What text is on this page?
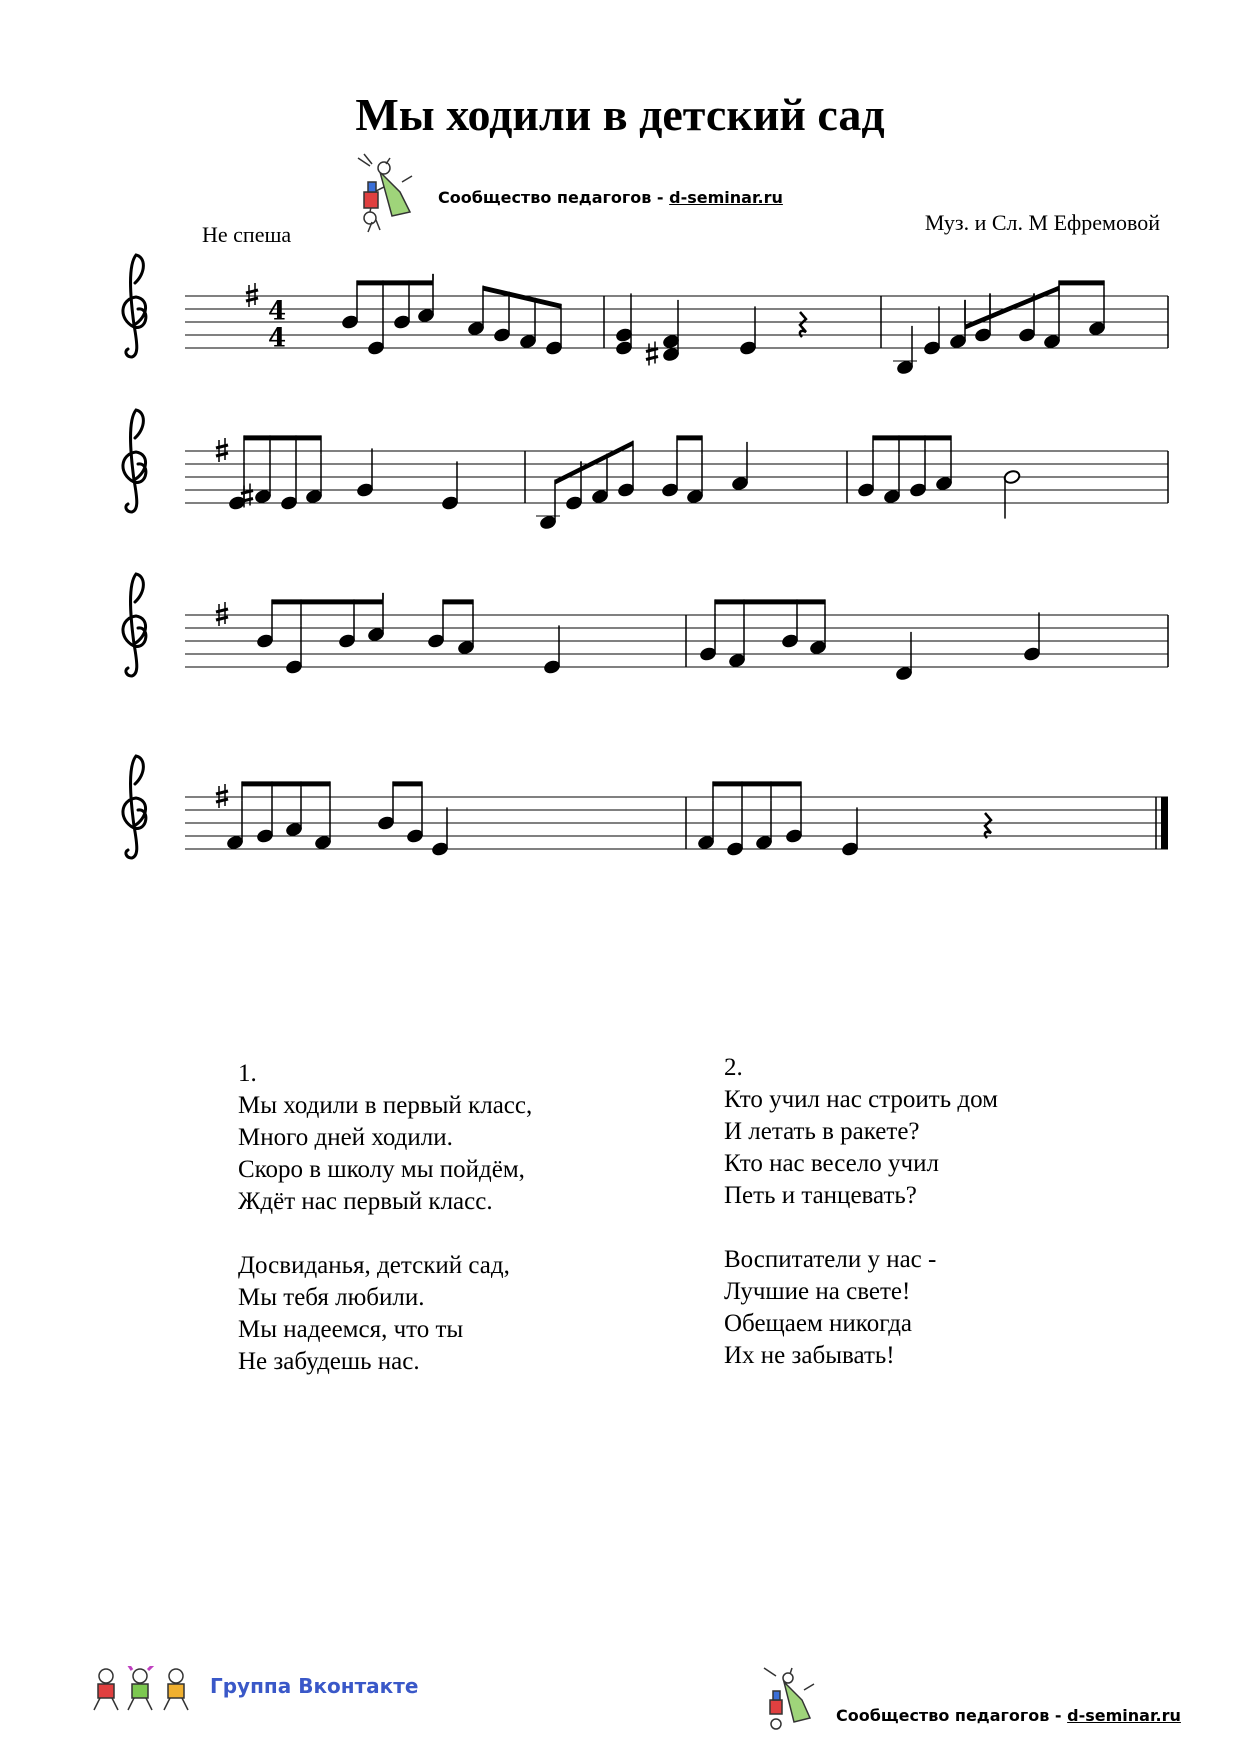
Мы ходили в детский сад
Сообщество педагогов - d-seminar.ru
Не спеша	Муз. и Сл. М Ефремовой
4
4
1.
Мы ходили в первый класс,
Много дней ходили.
Скоро в школу мы пойдём,
Ждёт нас первый класс.
Досвиданья, детский сад,
Мы тебя любили.
Мы надеемся, что ты
Не забудешь нас.
2.
Кто учил нас строить дом
И летать в ракете?
Кто нас весело учил
Петь и танцевать?
Воспитатели у нас -
Лучшие на свете!
Обещаем никогда
Их не забывать!
Группа Вконтакте
Сообщество педагогов - d-seminar.ru
